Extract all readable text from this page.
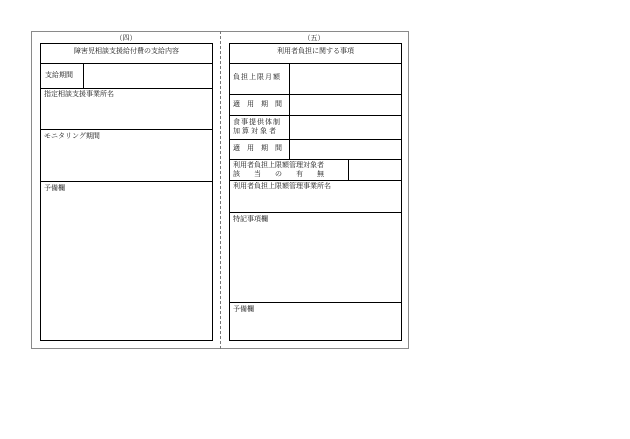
（四）	（五）
障害児相談支援給付費の支給内容
支給期間
指定相談支援事業所名
モニタリング期間
予備欄
利用者負担に関する事項
負担上限月額
適　用　期　間
食事提供体制
加算対象者
適　用　期　間
利用者負担上限額管理対象者
該　　当　　の　　有　　無
利用者負担上限額管理事業所名
特記事項欄
予備欄
